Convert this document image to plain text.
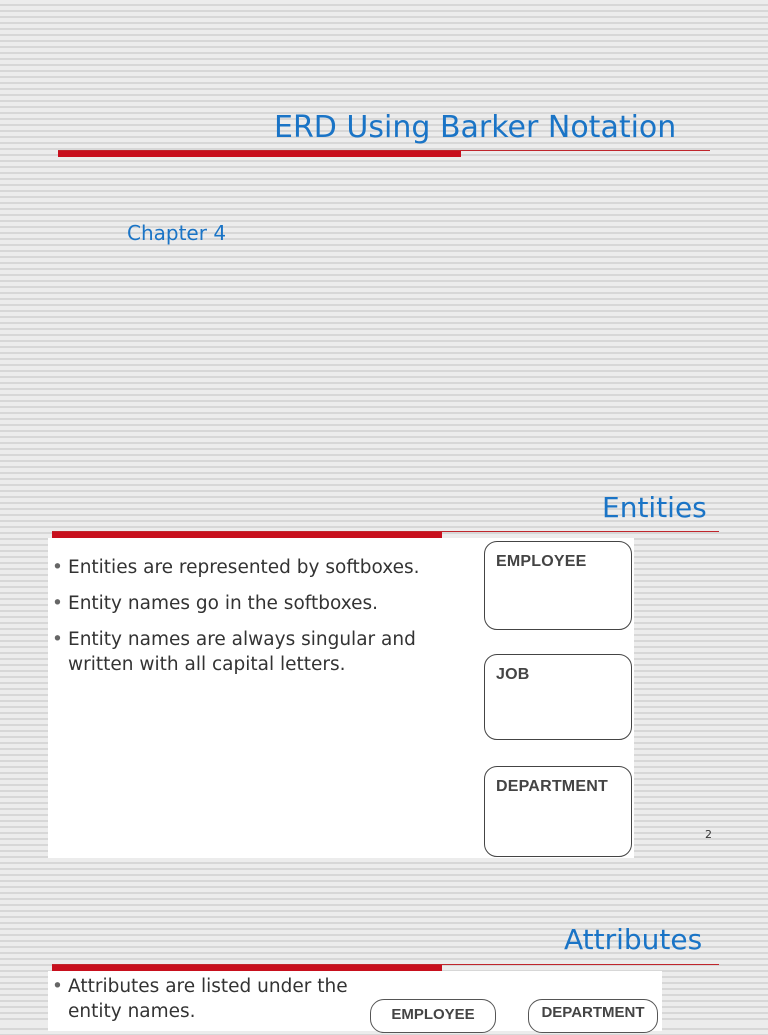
ERD Using Barker Notation
Chapter 4
Entities
• Entities are represented by softboxes.
• Entity names go in the softboxes.
• Entity names are always singular and written with all capital letters.
EMPLOYEE
JOB
DEPARTMENT
2
Attributes
• Attributes are listed under the entity names.	EMPLOYEE	DEPARTMENT
